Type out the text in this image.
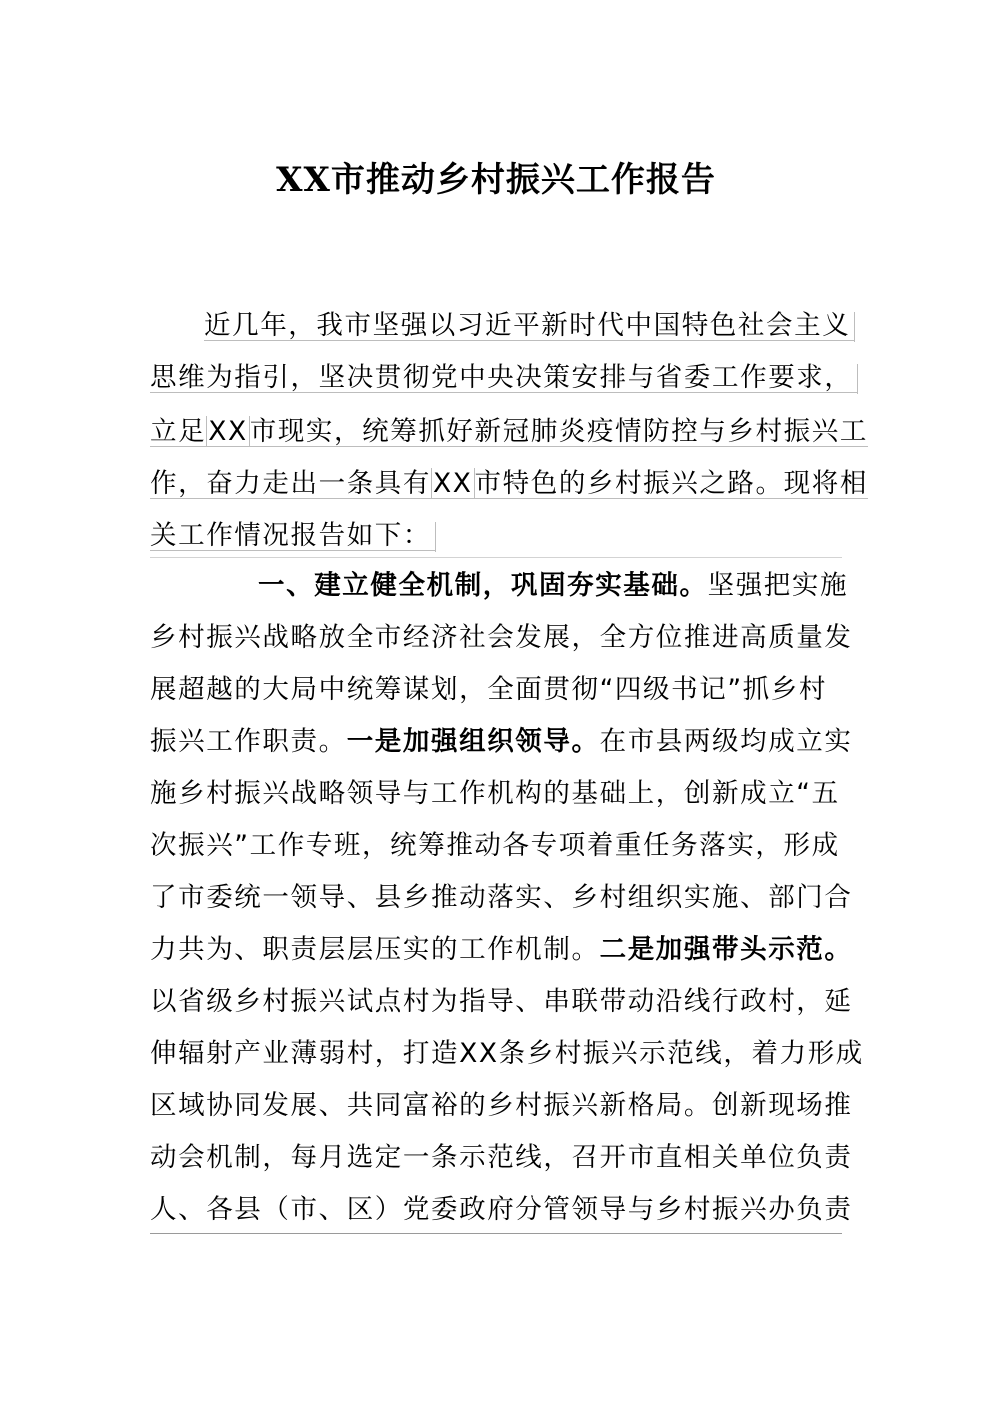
XX市推动乡村振兴工作报告
近几年，我市坚强以习近平新时代中国特色社会主义
思维为指引，坚决贯彻党中央决策安排与省委工作要求，
立足XX市现实，统筹抓好新冠肺炎疫情防控与乡村振兴工
作，奋力走出一条具有XX市特色的乡村振兴之路。现将相
关工作情况报告如下：
一、建立健全机制，巩固夯实基础。坚强把实施
乡村振兴战略放全市经济社会发展，全方位推进高质量发
展超越的大局中统筹谋划，全面贯彻“四级书记”抓乡村
振兴工作职责。一是加强组织领导。在市县两级均成立实
施乡村振兴战略领导与工作机构的基础上，创新成立“五
次振兴”工作专班，统筹推动各专项着重任务落实，形成
了市委统一领导、县乡推动落实、乡村组织实施、部门合
力共为、职责层层压实的工作机制。二是加强带头示范。
以省级乡村振兴试点村为指导、串联带动沿线行政村，延
伸辐射产业薄弱村，打造XX条乡村振兴示范线，着力形成
区域协同发展、共同富裕的乡村振兴新格局。创新现场推
动会机制，每月选定一条示范线，召开市直相关单位负责
人、各县（市、区）党委政府分管领导与乡村振兴办负责
